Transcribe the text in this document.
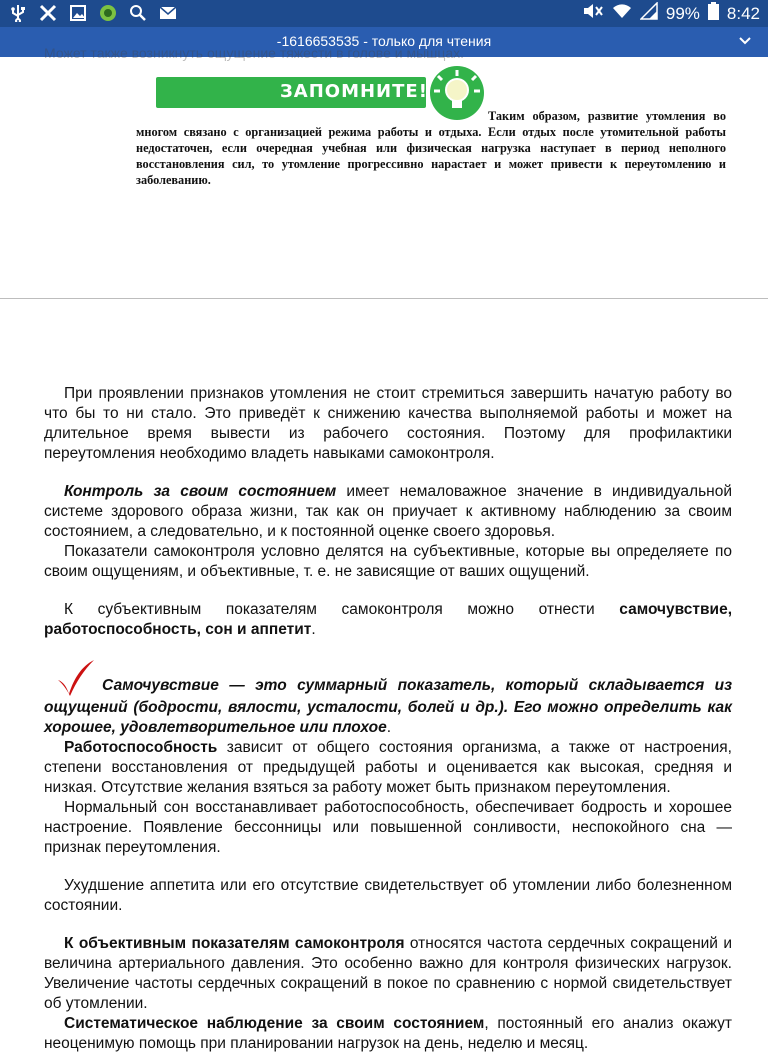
99% 8:42
-1616653535 - только для чтения
Может также возникнуть ощущение тяжести в голове и мышцах.
ЗАПОМНИТЕ!

Таким образом, развитие утомления во многом связано с организацией режима работы и отдыха. Если отдых после утомительной работы недостаточен, если очередная учебная или физическая нагрузка наступает в период неполного восстановления сил, то утомление прогрессивно нарастает и может привести к переутомлению и заболеванию.

При проявлении признаков утомления не стоит стремиться завершить начатую работу во что бы то ни стало. Это приведёт к снижению качества выполняемой работы и может на длительное время вывести из рабочего состояния. Поэтому для профилактики переутомления необходимо владеть навыками самоконтроля.

Контроль за своим состоянием имеет немаловажное значение в индивидуальной системе здорового образа жизни, так как он приучает к активному наблюдению за своим состоянием, а следовательно, и к постоянной оценке своего здоровья.

Показатели самоконтроля условно делятся на субъективные, которые вы определяете по своим ощущениям, и объективные, т. е. не зависящие от ваших ощущений.

К субъективным показателям самоконтроля можно отнести самочувствие, работоспособность, сон и аппетит.

Самочувствие — это суммарный показатель, который складывается из ощущений (бодрости, вялости, усталости, болей и др.). Его можно определить как хорошее, удовлетворительное или плохое.

Работоспособность зависит от общего состояния организма, а также от настроения, степени восстановления от предыдущей работы и оценивается как высокая, средняя и низкая. Отсутствие желания взяться за работу может быть признаком переутомления.

Нормальный сон восстанавливает работоспособность, обеспечивает бодрость и хорошее настроение. Появление бессонницы или повышенной сонливости, неспокойного сна — признак переутомления.

Ухудшение аппетита или его отсутствие свидетельствует об утомлении либо болезненном состоянии.

К объективным показателям самоконтроля относятся частота сердечных сокращений и величина артериального давления. Это особенно важно для контроля физических нагрузок. Увеличение частоты сердечных сокращений в покое по сравнению с нормой свидетельствует об утомлении.

Систематическое наблюдение за своим состоянием, постоянный его анализ окажут неоценимую помощь при планировании нагрузок на день, неделю и месяц.
